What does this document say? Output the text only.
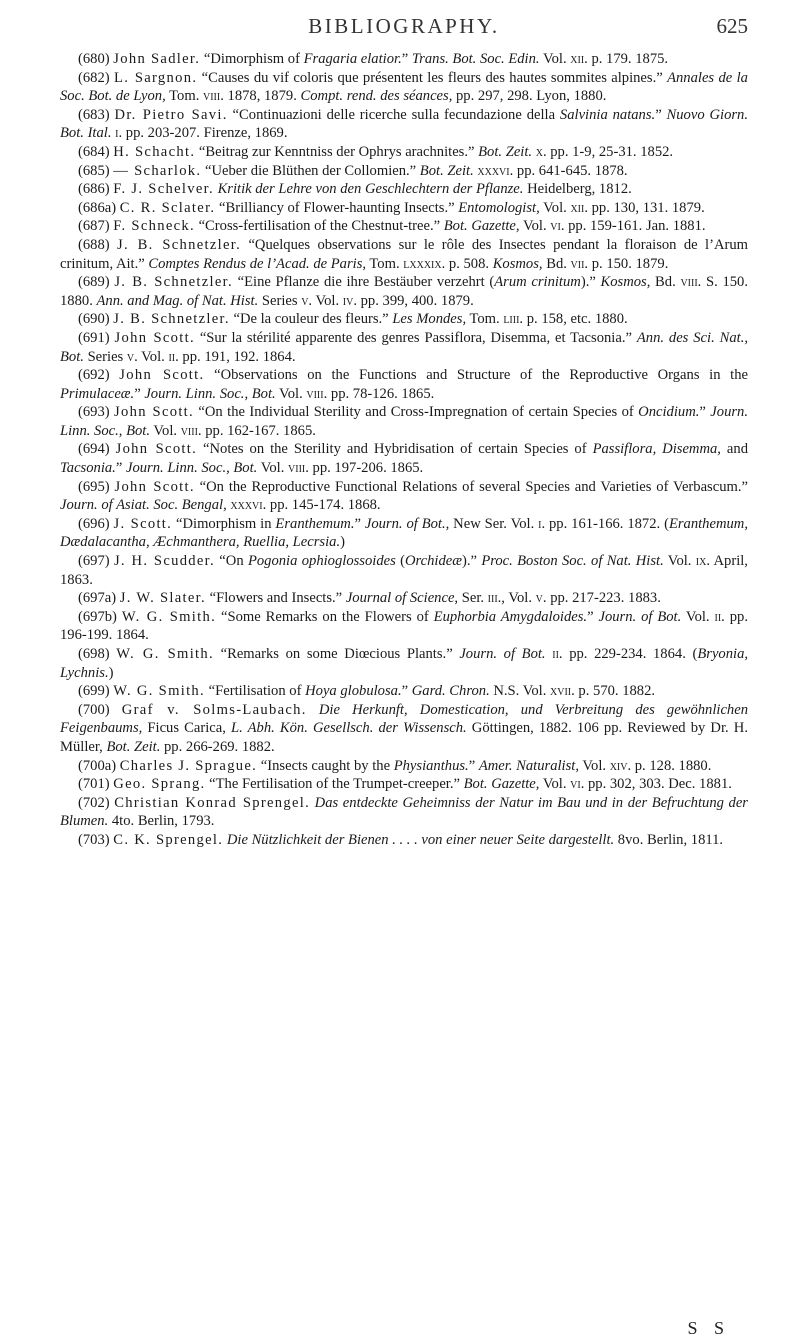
BIBLIOGRAPHY.	625

(680) John Sadler. “Dimorphism of Fragaria elatior.” Trans. Bot. Soc. Edin. Vol. xii. p. 179. 1875.

(682) L. Sargnon. “Causes du vif coloris que présentent les fleurs des hautes sommites alpines.” Annales de la Soc. Bot. de Lyon, Tom. viii. 1878, 1879. Compt. rend. des séances, pp. 297, 298. Lyon, 1880.

(683) Dr. Pietro Savi. “Continuazioni delle ricerche sulla fecundazione della Salvinia natans.” Nuovo Giorn. Bot. Ital. i. pp. 203-207. Firenze, 1869.

(684) H. Schacht. “Beitrag zur Kenntniss der Ophrys arachnites.” Bot. Zeit. x. pp. 1-9, 25-31. 1852.

(685) — Scharlok. “Ueber die Blüthen der Collomien.” Bot. Zeit. xxxvi. pp. 641-645. 1878.

(686) F. J. Schelver. Kritik der Lehre von den Geschlechtern der Pflanze. Heidelberg, 1812.

(686a) C. R. Sclater. “Brilliancy of Flower-haunting Insects.” Entomologist, Vol. xii. pp. 130, 131. 1879.

(687) F. Schneck. “Cross-fertilisation of the Chestnut-tree.” Bot. Gazette, Vol. vi. pp. 159-161. Jan. 1881.

(688) J. B. Schnetzler. “Quelques observations sur le rôle des Insectes pendant la floraison de l’Arum crinitum, Ait.” Comptes Rendus de l’Acad. de Paris, Tom. lxxxix. p. 508. Kosmos, Bd. vii. p. 150. 1879.

(689) J. B. Schnetzler. “Eine Pflanze die ihre Bestäuber verzehrt (Arum crinitum).” Kosmos, Bd. viii. S. 150. 1880. Ann. and Mag. of Nat. Hist. Series v. Vol. iv. pp. 399, 400. 1879.

(690) J. B. Schnetzler. “De la couleur des fleurs.” Les Mondes, Tom. liii. p. 158, etc. 1880.

(691) John Scott. “Sur la stérilité apparente des genres Passiflora, Disemma, et Tacsonia.” Ann. des Sci. Nat., Bot. Series v. Vol. ii. pp. 191, 192. 1864.

(692) John Scott. “Observations on the Functions and Structure of the Reproductive Organs in the Primulaceæ.” Journ. Linn. Soc., Bot. Vol. viii. pp. 78-126. 1865.

(693) John Scott. “On the Individual Sterility and Cross-Impregnation of certain Species of Oncidium.” Journ. Linn. Soc., Bot. Vol. viii. pp. 162-167. 1865.

(694) John Scott. “Notes on the Sterility and Hybridisation of certain Species of Passiflora, Disemma, and Tacsonia.” Journ. Linn. Soc., Bot. Vol. viii. pp. 197-206. 1865.

(695) John Scott. “On the Reproductive Functional Relations of several Species and Varieties of Verbascum.” Journ. of Asiat. Soc. Bengal, xxxvi. pp. 145-174. 1868.

(696) J. Scott. “Dimorphism in Eranthemum.” Journ. of Bot., New Ser. Vol. i. pp. 161-166. 1872. (Eranthemum, Dædalacantha, Æchmanthera, Ruellia, Lecrsia.)

(697) J. H. Scudder. “On Pogonia ophioglossoides (Orchideæ).” Proc. Boston Soc. of Nat. Hist. Vol. ix. April, 1863.

(697a) J. W. Slater. “Flowers and Insects.” Journal of Science, Ser. iii., Vol. v. pp. 217-223. 1883.

(697b) W. G. Smith. “Some Remarks on the Flowers of Euphorbia Amygdaloides.” Journ. of Bot. Vol. ii. pp. 196-199. 1864.

(698) W. G. Smith. “Remarks on some Diœcious Plants.” Journ. of Bot. ii. pp. 229-234. 1864. (Bryonia, Lychnis.)

(699) W. G. Smith. “Fertilisation of Hoya globulosa.” Gard. Chron. N.S. Vol. xvii. p. 570. 1882.

(700) Graf v. Solms-Laubach. Die Herkunft, Domestication, und Verbreitung des gewöhnlichen Feigenbaums, Ficus Carica, L. Abh. Kön. Gesellsch. der Wissensch. Göttingen, 1882. 106 pp. Reviewed by Dr. H. Müller, Bot. Zeit. pp. 266-269. 1882.

(700a) Charles J. Sprague. “Insects caught by the Physianthus.” Amer. Naturalist, Vol. xiv. p. 128. 1880.

(701) Geo. Sprang. “The Fertilisation of the Trumpet-creeper.” Bot. Gazette, Vol. vi. pp. 302, 303. Dec. 1881.

(702) Christian Konrad Sprengel. Das entdeckte Geheimniss der Natur im Bau und in der Befruchtung der Blumen. 4to. Berlin, 1793.

(703) C. K. Sprengel. Die Nützlichkeit der Bienen . . . . von einer neuer Seite dargestellt. 8vo. Berlin, 1811.

S S
